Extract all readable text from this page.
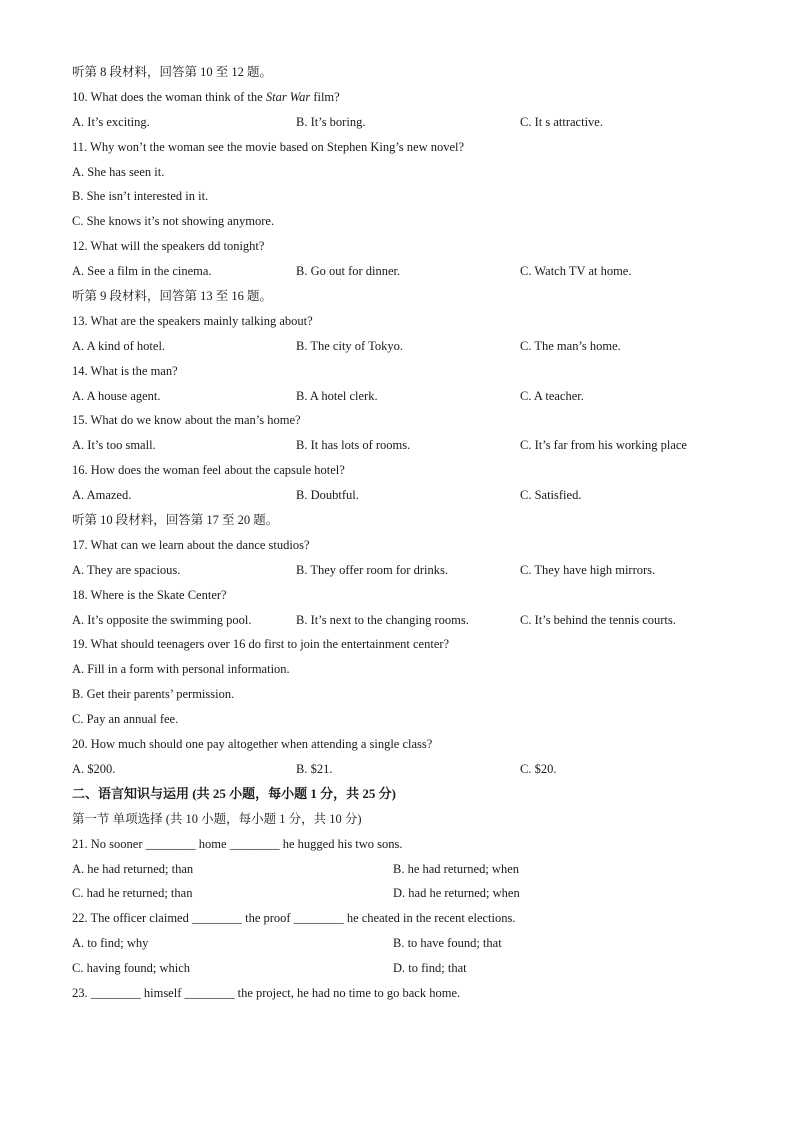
听第 8 段材料，回答第 10 至 12 题。
10. What does the woman think of the Star War film?
A. It’s exciting.	B. It’s boring.	C. It s attractive.
11. Why won’t the woman see the movie based on Stephen King’s new novel?
A. She has seen it.
B. She isn’t interested in it.
C. She knows it’s not showing anymore.
12. What will the speakers dd tonight?
A. See a film in the cinema.	B. Go out for dinner.	C. Watch TV at home.
听第 9 段材料，回答第 13 至 16 题。
13. What are the speakers mainly talking about?
A. A kind of hotel.	B. The city of Tokyo.	C. The man’s home.
14. What is the man?
A. A house agent.	B. A hotel clerk.	C. A teacher.
15. What do we know about the man’s home?
A. It’s too small.	B. It has lots of rooms.	C. It’s far from his working place
16. How does the woman feel about the capsule hotel?
A. Amazed.	B. Doubtful.	C. Satisfied.
听第 10 段材料，回答第 17 至 20 题。
17. What can we learn about the dance studios?
A. They are spacious.	B. They offer room for drinks.	C. They have high mirrors.
18. Where is the Skate Center?
A. It’s opposite the swimming pool.	B. It’s next to the changing rooms.	C. It’s behind the tennis courts.
19. What should teenagers over 16 do first to join the entertainment center?
A. Fill in a form with personal information.
B. Get their parents’ permission.
C. Pay an annual fee.
20. How much should one pay altogether when attending a single class?
A. $200.	B. $21.	C. $20.
二、语言知识与运用 (共 25 小题，每小题 1 分，共 25 分)
第一节 单项选择 (共 10 小题，每小题 1 分，共 10 分)
21. No sooner ________ home ________ he hugged his two sons.
A. he had returned; than	B. he had returned; when
C. had he returned; than	D. had he returned; when
22. The officer claimed ________ the proof ________ he cheated in the recent elections.
A. to find; why	B. to have found; that
C. having found; which	D. to find; that
23. ________ himself ________ the project, he had no time to go back home.
